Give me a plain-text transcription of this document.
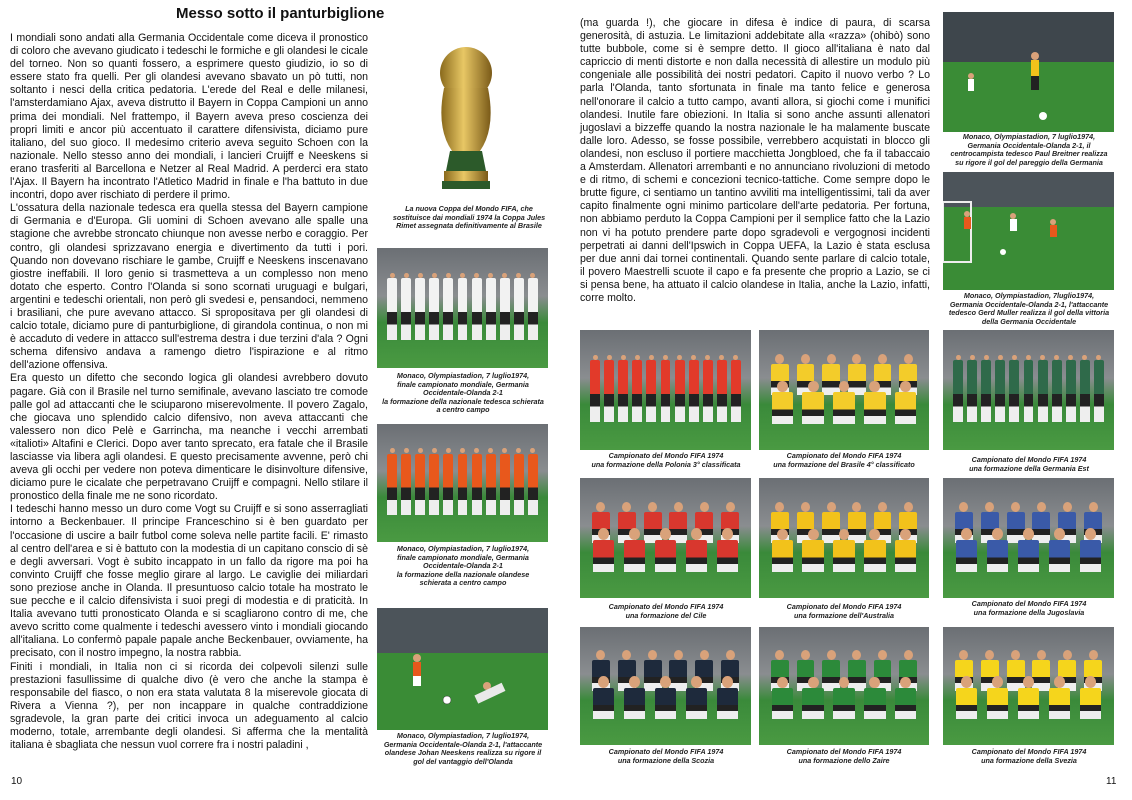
Messo sotto il panturbiglione

I mondiali sono andati alla Germania Occidentale come diceva il pronostico di coloro che avevano giudicato i tedeschi le formiche e gli olandesi le cicale del torneo. Non so quanti fossero, a esprimere questo giudizio, io so di essere stato fra quelli. Per gli olandesi avevano sbavato un pò tutti, non soltanto i nesci della critica pedatoria. L'erede del Real e delle milanesi, l'amsterdamiano Ajax, aveva distrutto il Bayern in Coppa Campioni un anno prima dei mondiali. Nel frattempo, il Bayern aveva preso coscienza dei propri limiti e ancor più accentuato il carattere difensivista, diciamo pure italiano, del suo gioco. Il medesimo criterio aveva seguito Schoen con la nazionale. Nello stesso anno dei mondiali, i lancieri Cruijff e Neeskens si erano trasferiti al Barcellona e Netzer al Real Madrid. A perderci era stato l'Ajax. Il Bayern ha incontrato l'Atletico Madrid in finale e l'ha battuto in due incontri, dopo aver rischiato di perdere il primo.

L'ossatura della nazionale tedesca era quella stessa del Bayern campione di Germania e d'Europa. Gli uomini di Schoen avevano alle spalle una stagione che avrebbe stroncato chiunque non avesse nerbo e coraggio. Per contro, gli olandesi sprizzavano energia e divertimento da tutti i pori. Quando non dovevano rischiare le gambe, Cruijff e Neeskens inscenavano giostre ineffabili. Il loro genio si trasmetteva a un complesso non meno dotato che esperto. Contro l'Olanda si sono scornati uruguagi e bulgari, argentini e tedeschi orientali, non però gli svedesi e, pensandoci, nemmeno i brasiliani, che pure avevano attacco. Si spropositava per gli olandesi di calcio totale, diciamo pure di panturbiglione, di girandola continua, o non mi è accaduto di vedere in attacco sull'estrema destra i due terzini d'ala ? Ogni schema difensivo andava a ramengo dietro l'ispirazione e al ritmo dell'azione offensiva.

Era questo un difetto che secondo logica gli olandesi avrebbero dovuto pagare. Già con il Brasile nel turno semifinale, avevano lasciato tre comode palle gol ad attaccanti che le sciuparono miserevolmente. Il povero Zagalo, che giocava uno splendido calcio difensivo, non aveva attaccanti che valessero non dico Pelè e Garrincha, ma neanche i vecchi arrembati «italioti» Altafini e Clerici. Dopo aver tanto sprecato, era fatale che il Brasile lasciasse via libera agli olandesi. E questo precisamente avvenne, però chi aveva gli occhi per vedere non poteva dimenticare le disinvolture difensive, diciamo pure le cicalate che perpetravano Cruijff e compagni. Nello stilare il pronostico della finale me ne sono ricordato.

I tedeschi hanno messo un duro come Vogt su Cruijff e si sono asserragliati intorno a Beckenbauer. Il principe Franceschino si è ben guardato per l'occasione di uscire a bailr futbol come soleva nelle partite facili. E' rimasto al centro dell'area e si è battuto con la modestia di un capitano conscio di sè e degli avversari. Vogt è subito incappato in un fallo da rigore ma poi ha convinto Cruijff che fosse meglio girare al largo. Le caviglie dei miliardari sono preziose anche in Olanda. Il presuntuoso calcio totale ha mostrato le sue pecche e il calcio difensivista i suoi pregi di modestia e di praticità. In Italia avevano tutti pronosticato Olanda e si scagliarono contro di me, che avevo scritto come qualmente i tedeschi avessero vinto i mondiali giocando all'italiana. Lo confermò papale papale anche Beckenbauer, ovviamente, ha precisato, con il nostro impegno, la nostra rabbia.

Finiti i mondiali, in Italia non ci si ricorda dei colpevoli silenzi sulle prestazioni fasullissime di qualche divo (è vero che anche la stampa è responsabile del fiasco, o non era stata valutata 8 la miserevole giocata di Rivera a Vienna ?), per non incappare in qualche contraddizione sgradevole, la gran parte dei critici invoca un adeguamento al calcio moderno, totale, arrembante degli olandesi. Si afferma che la mentalità italiana è sbagliata che nessun vuol correre fra i nostri paladini ,

(ma guarda !), che giocare in difesa è indice di paura, di scarsa generosità, di astuzia. Le limitazioni addebitate alla «razza» (ohibò) sono tutte bubbole, come si è sempre detto. Il gioco all'italiana è nato dal capriccio di menti distorte e non dalla necessità di allestire un modulo più congeniale alle possibilità dei nostri pedatori. Capito il nuovo verbo ? Lo parla l'Olanda, tanto sfortunata in finale ma tanto felice e generosa nell'onorare il calcio a tutto campo, avanti allora, si giochi come i munifici olandesi. Inutile fare obiezioni. In Italia si sono anche assunti allenatori jugoslavi a bizzeffe quando la nostra nazionale le ha malamente buscate dalle loro. Adesso, se fosse possibile, verrebbero acquistati in blocco gli olandesi, non escluso il portiere macchietta Jongbloed, che fa il tabaccaio a Amsterdam. Allenatori arrembanti e no annunciano rivoluzioni di metodo e di ritmo, di schemi e concezioni tecnico-tattiche. Come sempre dopo le brutte figure, ci sentiamo un tantino avviliti ma intelligentissimi, tali da aver capito finalmente ogni minimo particolare dell'arte pedatoria. Per fortuna, non abbiamo perduto la Coppa Campioni per il semplice fatto che la Lazio non vi ha potuto prendere parte dopo sgradevoli e vergognosi incidenti perpetrati ai danni dell'Ipswich in Coppa UEFA, la Lazio è stata esclusa per due anni dai tornei continentali. Quando sente parlare di calcio totale, il povero Maestrelli scuote il capo e fa presente che proprio a Lazio, se ci si pensa bene, ha attuato il calcio olandese in Italia, anche la Lazio, infatti, corre molto.

La nuova Coppa del Mondo FIFA, che
sostituisce dai mondiali 1974 la Coppa Jules
Rimet assegnata definitivamente al Brasile
Monaco, Olympiastadion, 7 luglio1974,
finale campionato mondiale, Germania
Occidentale-Olanda 2-1
la formazione della nazionale tedesca schierata
a centro campo
Monaco, Olympiastadion, 7 luglio1974,
finale campionato mondiale, Germania
Occidentale-Olanda 2-1
la formazione della nazionale olandese
schierata a centro campo
Monaco, Olympiastadion, 7 luglio1974,
Germania Occidentale-Olanda 2-1, l'attaccante
olandese Johan Neeskens realizza su rigore il
gol del vantaggio dell'Olanda
Monaco, Olympiastadion, 7 luglio1974,
Germania Occidentale-Olanda 2-1, il
centrocampista tedesco Paul Breitner realizza
su rigore il gol del pareggio della Germania
Monaco, Olympiastadion, 7luglio1974,
Germania Occidentale-Olanda 2-1, l'attaccante
tedesco Gerd Muller realizza il gol della vittoria
della Germania Occidentale
Campionato del Mondo FIFA 1974
una formazione della Polonia 3° classificata
Campionato del Mondo FIFA 1974
una formazione del Brasile 4° classificato
Campionato del Mondo FIFA 1974
una formazione della Germania Est
Campionato del Mondo FIFA 1974
una formazione del Cile
Campionato del Mondo FIFA 1974
una formazione dell'Australia
Campionato del Mondo FIFA 1974
una formazione della Jugoslavia
Campionato del Mondo FIFA 1974
una formazione della Scozia
Campionato del Mondo FIFA 1974
una formazione dello Zaire
Campionato del Mondo FIFA 1974
una formazione della Svezia
10	11
